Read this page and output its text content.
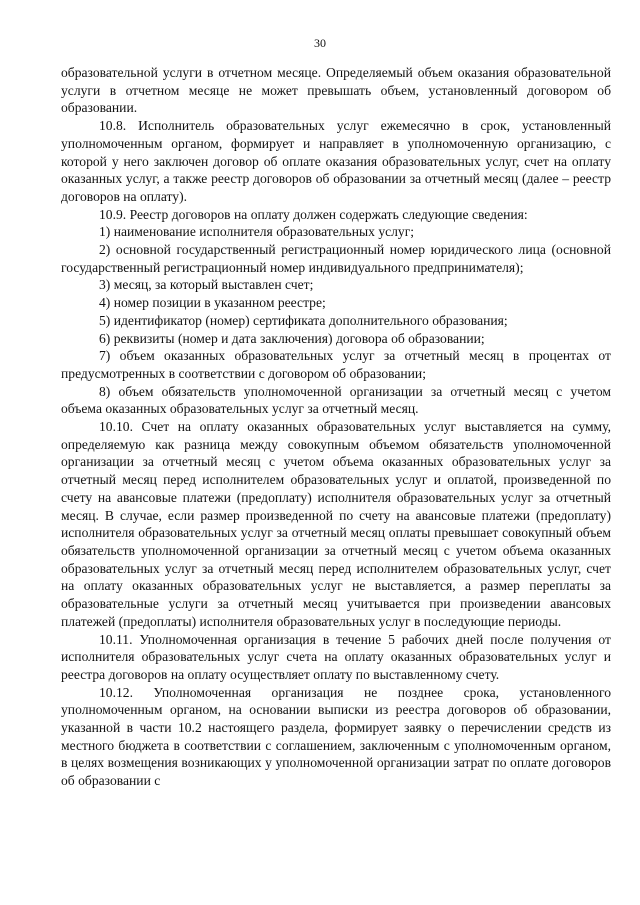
30

образовательной услуги в отчетном месяце. Определяемый объем оказания образовательной услуги в отчетном месяце не может превышать объем, установленный договором об образовании.

10.8. Исполнитель образовательных услуг ежемесячно в срок, установленный уполномоченным органом, формирует и направляет в уполномоченную организацию, с которой у него заключен договор об оплате оказания образовательных услуг, счет на оплату оказанных услуг, а также реестр договоров об образовании за отчетный месяц (далее – реестр договоров на оплату).

10.9. Реестр договоров на оплату должен содержать следующие сведения:

1) наименование исполнителя образовательных услуг;

2) основной государственный регистрационный номер юридического лица (основной государственный регистрационный номер индивидуального предпринимателя);

3) месяц, за который выставлен счет;

4) номер позиции в указанном реестре;

5) идентификатор (номер) сертификата дополнительного образования;

6) реквизиты (номер и дата заключения) договора об образовании;

7) объем оказанных образовательных услуг за отчетный месяц в процентах от предусмотренных в соответствии с договором об образовании;

8) объем обязательств уполномоченной организации за отчетный месяц с учетом объема оказанных образовательных услуг за отчетный месяц.

10.10. Счет на оплату оказанных образовательных услуг выставляется на сумму, определяемую как разница между совокупным объемом обязательств уполномоченной организации за отчетный месяц с учетом объема оказанных образовательных услуг за отчетный месяц перед исполнителем образовательных услуг и оплатой, произведенной по счету на авансовые платежи (предоплату) исполнителя образовательных услуг за отчетный месяц. В случае, если размер произведенной по счету на авансовые платежи (предоплату) исполнителя образовательных услуг за отчетный месяц оплаты превышает совокупный объем обязательств уполномоченной организации за отчетный месяц с учетом объема оказанных образовательных услуг за отчетный месяц перед исполнителем образовательных услуг, счет на оплату оказанных образовательных услуг не выставляется, а размер переплаты за образовательные услуги за отчетный месяц учитывается при произведении авансовых платежей (предоплаты) исполнителя образовательных услуг в последующие периоды.

10.11. Уполномоченная организация в течение 5 рабочих дней после получения от исполнителя образовательных услуг счета на оплату оказанных образовательных услуг и реестра договоров на оплату осуществляет оплату по выставленному счету.

10.12. Уполномоченная организация не позднее срока, установленного уполномоченным органом, на основании выписки из реестра договоров об образовании, указанной в части 10.2 настоящего раздела, формирует заявку о перечислении средств из местного бюджета в соответствии с соглашением, заключенным с уполномоченным органом, в целях возмещения возникающих у уполномоченной организации затрат по оплате договоров об образовании с
